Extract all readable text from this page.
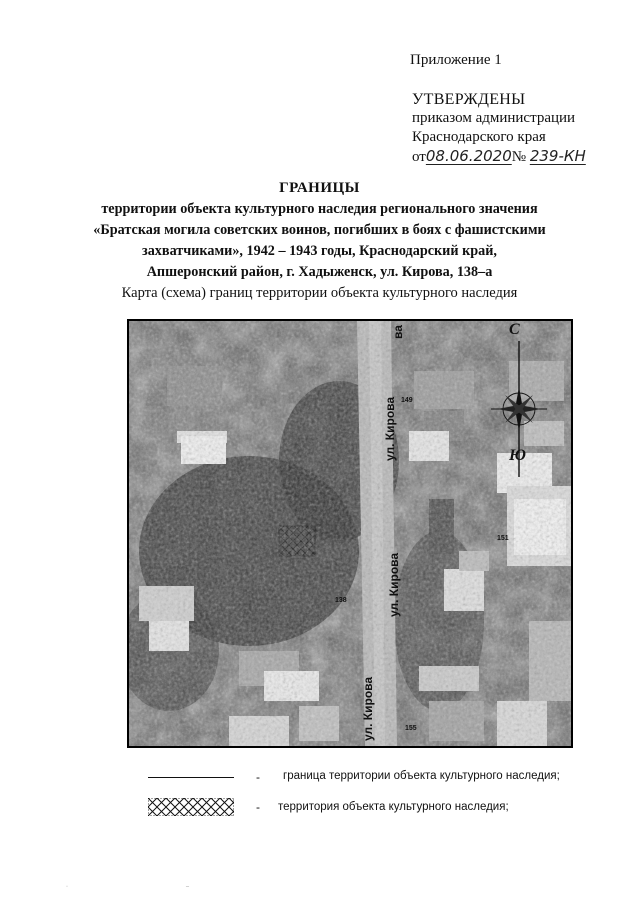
Приложение 1
УТВЕРЖДЕНЫ
приказом администрации
Краснодарского края
от08.06.2020№ 239-КН
ГРАНИЦЫ
территории объекта культурного наследия регионального значения
«Братская могила советских воинов, погибших в боях с фашистскими
захватчиками», 1942 – 1943 годы, Краснодарский край,
Апшеронский район, г. Хадыженск, ул. Кирова, 138–а
Карта (схема) границ территории объекта культурного наследия
С
Ю
ул. Кирова
ул. Кирова
ул. Кирова
ва
149
151
138
155
- граница территории объекта культурного наследия;
- территория объекта культурного наследия;
·	–
